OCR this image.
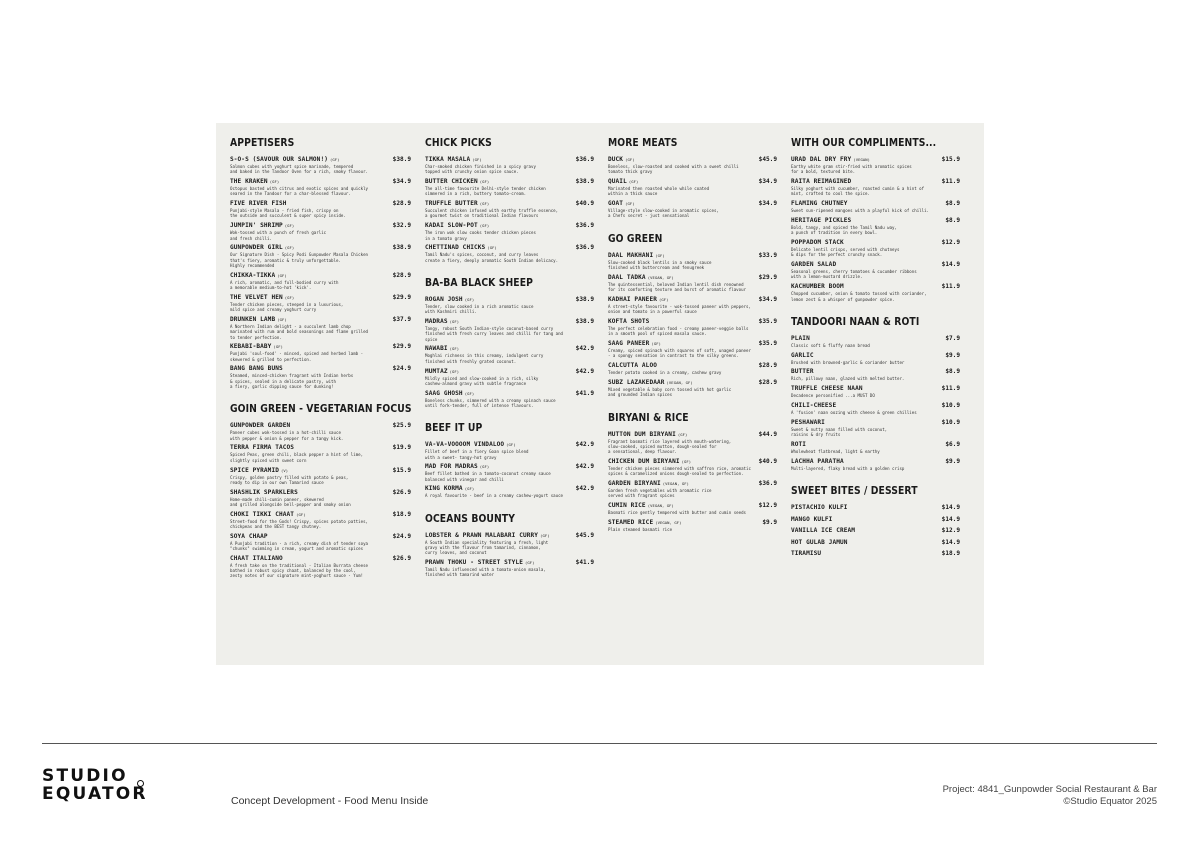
APPETISERS
S-O-S (SAVOUR OUR SALMON!) $^{(GF)}$	$38.9
Salmon cubes with yoghurt spice marinade, tempered
and baked in the Tandoor Oven for a rich, smoky flavour.
THE KRAKEN $^{(GF)}$	$34.9
Octopus basted with citrus and exotic spices and quickly
seared in the Tandoor for a char-blessed flavour.
FIVE RIVER FISH	$28.9
Punjabi-style Masala - fried fish, crispy on
the outside and succulent & super spicy inside.
JUMPIN' SHRIMP $^{(GF)}$	$32.9
Wok-tossed with a punch of fresh garlic
and fresh chilli.
GUNPOWDER GIRL $^{(GF)}$	$38.9
Our Signature Dish - Spicy Podi Gunpowder Masala Chicken
that's fiery, aromatic & truly unforgettable.
Highly recommended
CHIKKA-TIKKA $^{(GF)}$	$28.9
A rich, aromatic, and full-bodied curry with
a memorable medium-to-hot 'kick'.
THE VELVET HEN $^{(GF)}$	$29.9
Tender chicken pieces, steeped in a luxurious,
mild spice and creamy yoghurt curry
DRUNKEN LAMB $^{(GF)}$	$37.9
A Northern Indian delight - a succulent lamb chop
marinated with rum and bold seasonings and flame grilled
to tender perfection.
KEBABI-BABY $^{(GF)}$	$29.9
Punjabi 'soul-food' - minced, spiced and herbed lamb -
skewered & grilled to perfection.
BANG BANG BUNS	$24.9
Steamed, minced-chicken fragrant with Indian herbs
& spices, sealed in a delicate pastry, with
a fiery, garlic dipping sauce for dunking!
GOIN GREEN - VEGETARIAN FOCUS
GUNPOWDER GARDEN	$25.9
Paneer cubes wok-tossed in a hot-chilli sauce
with pepper & onion & pepper for a tangy kick.
TERRA FIRMA TACOS	$19.9
Spiced Peas, green chili, black pepper a hint of lime,
slightly spiced with sweet corn
SPICE PYRAMID $^{(V)}$	$15.9
Crispy, golden pastry filled with potato & peas,
ready to dip in our own Tamarind sauce
SHASHLIK SPARKLERS	$26.9
Home-made chili-cumin paneer, skewered
and grilled alongside bell-pepper and smoky onion
CHOKI TIKKI CHAAT $^{(GF)}$	$18.9
Street-food for the Gods! Crispy, spices potato patties,
chickpeas and the BEST tangy chutney.
SOYA CHAAP	$24.9
A Punjabi tradition - a rich, creamy dish of tender soya
"chunks" swimming in cream, yogurt and aromatic spices
CHAAT ITALIANO	$26.9
A fresh take on the traditional - Italian Burrata cheese
bathed in robust spicy chaat, balanced by the cool,
zesty notes of our signature mint-yoghurt sauce - Yum!
CHICK PICKS
TIKKA MASALA $^{(GF)}$	$36.9
Char-smoked chicken finished in a spicy gravy
topped with crunchy onion spice sauce.
BUTTER CHICKEN $^{(GF)}$	$38.9
The all-time favourite Delhi-style tender chicken
simmered in a rich, buttery tomato-cream.
TRUFFLE BUTTER $^{(GF)}$	$40.9
Succulent chicken infused with earthy truffle essence,
a gourmet twist on traditional Indian flavours
KADAI SLOW-POT $^{(GF)}$	$36.9
The iron wok slow cooks tender chicken pieces
in a tomato gravy
CHETTINAD CHICKS $^{(GF)}$	$36.9
Tamil Nadu's spices, coconut, and curry leaves
create a fiery, deeply aromatic South Indian delicacy.
BA-BA BLACK SHEEP
ROGAN JOSH $^{(GF)}$	$38.9
Tender, slow cooked in a rich aromatic sauce
with Kashmiri chilli.
MADRAS $^{(GF)}$	$38.9
Tangy, robust South Indian-style coconut-based curry
finished with fresh curry leaves and chilli for tang and spice
NAWABI $^{(GF)}$	$42.9
Moghlai richness in this creamy, indulgent curry
finished with freshly grated coconut.
MUMTAZ $^{(GF)}$	$42.9
Mildly spiced and slow-cooked in a rich, silky
cashew-almond gravy with subtle fragrance
SAAG GHOSH $^{(GF)}$	$41.9
Boneless chunks, simmered with a creamy spinach sauce
until fork-tender, full of intense flavours.
BEEF IT UP
VA-VA-VOOOOM VINDALOO $^{(GF)}$	$42.9
Fillet of beef in a fiery Goan spice blend
with a sweet- tangy-hot gravy
MAD FOR MADRAS $^{(GF)}$	$42.9
Beef fillet bathed in a tomato-coconut creamy sauce
balanced with vinegar and chilli
KING KORMA $^{(GF)}$	$42.9
A royal favourite - beef in a creamy cashew-yogurt sauce
OCEANS BOUNTY
LOBSTER & PRAWN MALABARI CURRY $^{(GF)}$	$45.9
A South Indian speciality featuring a fresh, light
gravy with the flavour from tamarind, cinnamon,
curry leaves, and coconut
PRAWN THOKU - STREET STYLE $^{(GF)}$	$41.9
Tamil Nadu influenced with a tomato-onion masala,
finished with tamarind water
MORE MEATS
DUCK $^{(GF)}$	$45.9
Boneless, slow-roasted and cooked with a sweet chilli
tomato thick gravy
QUAIL $^{(GF)}$	$34.9
Marinated then roasted whole while coated
within a thick sauce
GOAT $^{(GF)}$	$34.9
Village-style slow-cooked in aromatic spices,
a Chefs secret - just sensational
GO GREEN
DAAL MAKHANI $^{(GF)}$	$33.9
Slow-cooked black lentils in a smoky sauce
finished with buttercream and fenugreek
DAAL TADKA $^{(VEGAN, GF)}$	$29.9
The quintessential, beloved Indian lentil dish renowned
for its comforting texture and burst of aromatic flavour
KADHAI PANEER $^{(GF)}$	$34.9
A street-style favourite - wok-tossed paneer with peppers,
onion and tomato in a powerful sauce
KOFTA SHOTS	$35.9
The perfect celebration food - creamy paneer-veggie balls
in a smooth pool of spiced masala sauce.
SAAG PANEER $^{(GF)}$	$35.9
Creamy, spiced spinach with squares of soft, unaged paneer
- a spongy sensation in contrast to the silky greens.
CALCUTTA ALOO	$28.9
Tender potato cooked in a creamy, cashew gravy
SUBZ LAZAKEDAAR $^{(VEGAN, GF)}$	$28.9
Mixed vegetable & baby corn tossed with hot garlic
and grounded Indian spices
BIRYANI & RICE
MUTTON DUM BIRYANI $^{(GF)}$	$44.9
Fragrant basmati rice layered with mouth-watering,
slow-cooked, spiced mutton, dough-sealed for
a sensational, deep flavour.
CHICKEN DUM BIRYANI $^{(GF)}$	$40.9
Tender chicken pieces simmered with saffron rice, aromatic
spices & caramelized onions dough-sealed to perfection.
GARDEN BIRYANI $^{(VEGAN, GF)}$	$36.9
Garden fresh vegetables with aromatic rice
served with fragrant spices
CUMIN RICE $^{(VEGAN, GF)}$	$12.9
Basmati rice gently tempered with butter and cumin seeds
STEAMED RICE $^{(VEGAN, GF)}$	$9.9
Plain steamed basmati rice
WITH OUR COMPLIMENTS...
URAD DAL DRY FRY $^{(VEGAN)}$	$15.9
Earthy white gram stir-fried with aromatic spices
for a bold, textured bite.
RAITA REIMAGINED	$11.9
Silky yoghurt with cucumber, roasted cumin & a hint of
mint, crafted to cool the spice.
FLAMING CHUTNEY	$8.9
Sweet sun-ripened mangoes with a playful kick of chilli.
HERITAGE PICKLES	$8.9
Bold, tangy, and spiced the Tamil Nadu way,
a punch of tradition in every bowl.
POPPADOM STACK	$12.9
Delicate lentil crisps, served with chutneys
& dips for the perfect crunchy snack.
GARDEN SALAD	$14.9
Seasonal greens, cherry tomatoes & cucumber ribbons
with a lemon-mustard drizzle.
KACHUMBER BOOM	$11.9
Chopped cucumber, onion & tomato tossed with coriander,
lemon zest & a whisper of gunpowder spice.
TANDOORI NAAN & ROTI
PLAIN	$7.9
Classic soft & fluffy naan bread
GARLIC	$9.9
Brushed with browned-garlic & coriander butter
BUTTER	$8.9
Rich, pillowy naan, glazed with melted butter.
TRUFFLE CHEESE NAAN	$11.9
Decadence personified ...a MUST DO
CHILI-CHEESE	$10.9
A 'fusion' naan oozing with cheese & green chillies
PESHAWARI	$10.9
Sweet & nutty naan filled with coconut,
raisins & dry fruits
ROTI	$6.9
Wholewheat flatbread, light & earthy
LACHHA PARATHA	$9.9
Multi-layered, flaky bread with a golden crisp
SWEET BITES / DESSERT
PISTACHIO KULFI	$14.9
MANGO KULFI	$14.9
VANILLA ICE CREAM	$12.9
HOT GULAB JAMUN	$14.9
TIRAMISU	$18.9
STUDIO
EQUATOR	Concept Development - Food Menu Inside
Project: 4841_Gunpowder Social Restaurant & Bar
©Studio Equator 2025
